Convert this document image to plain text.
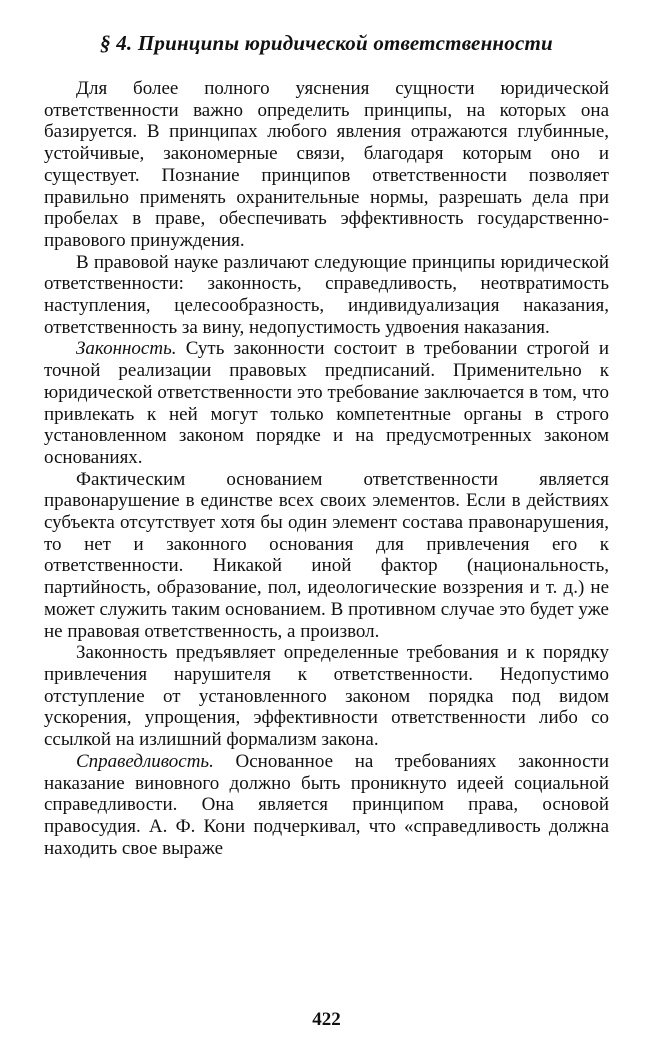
§ 4. Принципы юридической ответственности

Для более полного уяснения сущности юридической ответственности важно определить принципы, на которых она базируется. В принципах любого явления отражаются глубинные, устойчивые, закономерные связи, благодаря которым оно и существует. Познание принципов ответственности позволяет правильно применять охранительные нормы, разрешать дела при пробелах в праве, обеспечивать эффективность государственноправового принуждения.

В правовой науке различают следующие принципы юридической ответственности: законность, справедливость, неотвратимость наступления, целесообразность, индивидуализация наказания, ответственность за вину, недопустимость удвоения наказания.

Законность. Суть законности состоит в требовании строгой и точной реализации правовых предписаний. Применительно к юридической ответственности это требование заключается в том, что привлекать к ней могут только компетентные органы в строго установленном законом порядке и на предусмотренных законом основаниях.

Фактическим основанием ответственности является правонарушение в единстве всех своих элементов. Если в действиях субъекта отсутствует хотя бы один элемент состава правонарушения, то нет и законного основания для привлечения его к ответственности. Никакой иной фактор (национальность, партийность, образование, пол, идеологические воззрения и т. д.) не может служить таким основанием. В противном случае это будет уже не правовая ответственность, а произвол.

Законность предъявляет определенные требования и к порядку привлечения нарушителя к ответственности. Недопустимо отступление от установленного законом порядка под видом ускорения, упрощения, эффективности ответственности либо со ссылкой на излишний формализм закона.

Справедливость. Основанное на требованиях законности наказание виновного должно быть проникнуто идеей социальной справедливости. Она является принципом права, основой правосудия. А. Ф. Кони подчеркивал, что «справедливость должна находить свое выраже

422
